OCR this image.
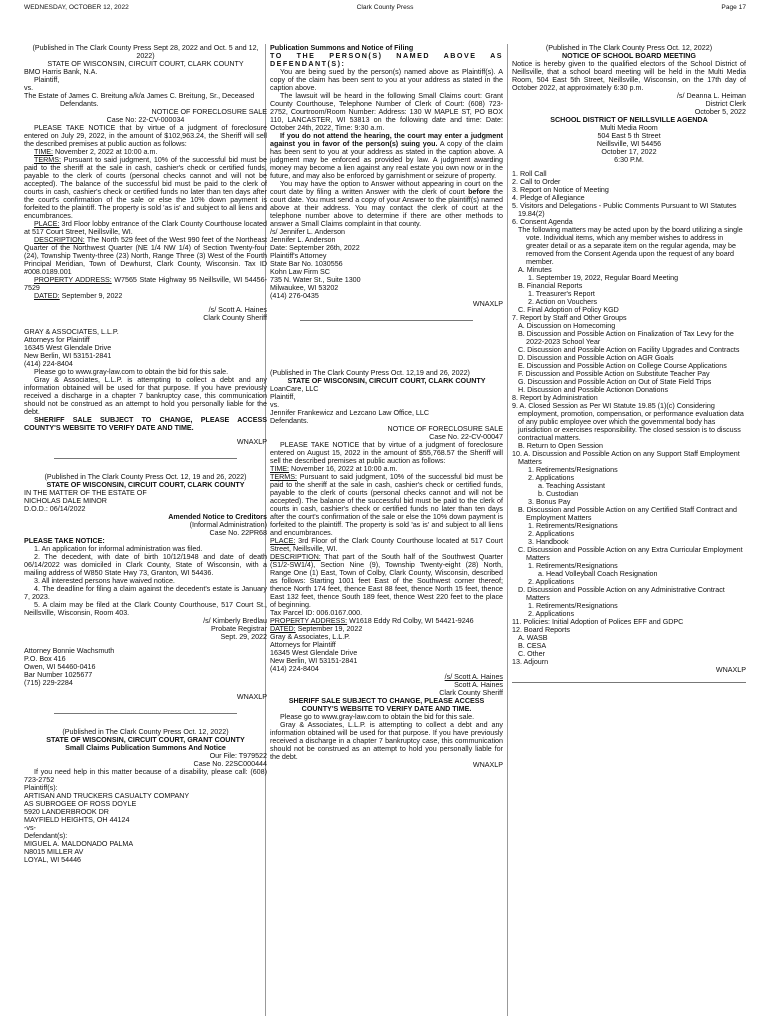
WEDNESDAY, OCTOBER 12, 2022	Clark County Press	Page 17

(Published in The Clark County Press Sept 28, 2022 and Oct. 5 and 12, 2022)

STATE OF WISCONSIN, CIRCUIT COURT, CLARK COUNTY

BMO Harris Bank, N.A.

Plaintiff,

vs.

The Estate of James C. Breitung a/k/a James C. Breitung, Sr., Deceased

Defendants.

NOTICE OF FORECLOSURE SALE

Case No: 22-CV-000034

PLEASE TAKE NOTICE that by virtue of a judgment of foreclosure entered on July 29, 2022, in the amount of $102,963.24, the Sheriff will sell the described premises at public auction as follows:

TIME: November 2, 2022 at 10:00 a.m.

TERMS: Pursuant to said judgment, 10% of the successful bid must be paid to the sheriff at the sale in cash, cashier's check or certified funds, payable to the clerk of courts (personal checks cannot and will not be accepted). The balance of the successful bid must be paid to the clerk of courts in cash, cashier's check or certified funds no later than ten days after the court's confirmation of the sale or else the 10% down payment is forfeited to the plaintiff. The property is sold 'as is' and subject to all liens and encumbrances.

PLACE: 3rd Floor lobby entrance of the Clark County Courthouse located at 517 Court Street, Neillsville, WI.

DESCRIPTION: The North 529 feet of the West 990 feet of the Northeast Quarter of the Northwest Quarter (NE 1/4 NW 1/4) of Section Twenty-four (24), Township Twenty-three (23) North, Range Three (3) West of the Fourth Principal Meridian, Town of Dewhurst, Clark County, Wisconsin. Tax ID #008.0189.001

PROPERTY ADDRESS: W7565 State Highway 95 Neillsville, WI 54456-7529

DATED: September 9, 2022

/s/ Scott A. Haines

Clark County Sheriff

GRAY & ASSOCIATES, L.L.P.

Attorneys for Plaintiff

16345 West Glendale Drive

New Berlin, WI 53151-2841

(414) 224-8404

Please go to www.gray-law.com to obtain the bid for this sale.

Gray & Associates, L.L.P. is attempting to collect a debt and any information obtained will be used for that purpose. If you have previously received a discharge in a chapter 7 bankruptcy case, this communication should not be construed as an attempt to hold you personally liable for the debt.

SHERIFF SALE SUBJECT TO CHANGE, PLEASE ACCESS COUNTY'S WEBSITE TO VERIFY DATE AND TIME.

WNAXLP

(Published in The Clark County Press Oct. 12, 19 and 26, 2022)

STATE OF WISCONSIN, CIRCUIT COURT, CLARK COUNTY

IN THE MATTER OF THE ESTATE OF

NICHOLAS DALE MINOR

D.O.D.: 06/14/2022

Amended Notice to Creditors

(Informal Administration)

Case No. 22PR68

PLEASE TAKE NOTICE:

1. An application for informal administration was filed.

2. The decedent, with date of birth 10/12/1948 and date of death 06/14/2022 was domiciled in Clark County, State of Wisconsin, with a mailing address of W850 State Hwy 73, Granton, WI 54436.

3. All interested persons have waived notice.

4. The deadline for filing a claim against the decedent's estate is January 7, 2023.

5. A claim may be filed at the Clark County Courthouse, 517 Court St., Neillsville, Wisconsin, Room 403.

/s/ Kimberly Bredlau

Probate Registrar

Sept. 29, 2022

Attorney Bonnie Wachsmuth

P.O. Box 416

Owen, WI 54460-0416

Bar Number 1025677

(715) 229-2284

WNAXLP

(Published in The Clark County Press Oct. 12, 2022)

STATE OF WISCONSIN, CIRCUIT COURT, GRANT COUNTY

Small Claims Publication Summons And Notice

Our File: T979522

Case No. 22SC000444

If you need help in this matter because of a disability, please call: (608) 723-2752

Plaintiff(s):

ARTISAN AND TRUCKERS CASUALTY COMPANY

AS SUBROGEE OF ROSS DOYLE

5920 LANDERBROOK DR

MAYFIELD HEIGHTS, OH 44124

-vs-

Defendant(s):

MIGUEL A. MALDONADO PALMA

N8015 MILLER AV

LOYAL, WI 54446

Publication Summons and Notice of Filing

TO THE PERSON(S) NAMED ABOVE AS DEFENDANT(S):

You are being sued by the person(s) named above as Plaintiff(s). A copy of the claim has been sent to you at your address as stated in the caption above.

The lawsuit will be heard in the following Small Claims court: Grant County Courthouse, Telephone Number of Clerk of Court: (608) 723-2752, Courtroom/Room Number: Address: 130 W MAPLE ST, PO BOX 110, LANCASTER, WI 53813 on the following date and time: Date: October 24th, 2022, Time: 9:30 a.m.

If you do not attend the hearing, the court may enter a judgment against you in favor of the person(s) suing you. A copy of the claim has been sent to you at your address as stated in the caption above. A judgment may be enforced as provided by law. A judgment awarding money may become a lien against any real estate you own now or in the future, and may also be enforced by garnishment or seizure of property.

You may have the option to Answer without appearing in court on the court date by filing a written Answer with the clerk of court before the court date. You must send a copy of your Answer to the plaintiff(s) named above at their address. You may contact the clerk of court at the telephone number above to determine if there are other methods to answer a Small Claims complaint in that county.

/s/ Jennifer L. Anderson

Jennifer L. Anderson

Date: September 26th, 2022

Plaintiff's Attorney

State Bar No. 1030556

Kohn Law Firm SC

735 N. Water St., Suite 1300

Milwaukee, WI 53202

(414) 276-0435

WNAXLP

(Published in The Clark County Press Oct. 12,19 and 26, 2022)

STATE OF WISCONSIN, CIRCUIT COURT, CLARK COUNTY

LoanCare, LLC

Plaintiff,

vs.

Jennifer Frankewicz and Lezcano Law Office, LLC

Defendants.

NOTICE OF FORECLOSURE SALE

Case No. 22-CV-00047

PLEASE TAKE NOTICE that by virtue of a judgment of foreclosure entered on August 15, 2022 in the amount of $55,768.57 the Sheriff will sell the described premises at public auction as follows:

TIME: November 16, 2022 at 10:00 a.m.

TERMS: Pursuant to said judgment, 10% of the successful bid must be paid to the sheriff at the sale in cash, cashier's check or certified funds, payable to the clerk of courts (personal checks cannot and will not be accepted). The balance of the successful bid must be paid to the clerk of courts in cash, cashier's check or certified funds no later than ten days after the court's confirmation of the sale or else the 10% down payment is forfeited to the plaintiff. The property is sold 'as is' and subject to all liens and encumbrances.

PLACE: 3rd Floor of the Clark County Courthouse located at 517 Court Street, Neillsville, WI.

DESCRIPTION: That part of the South half of the Southwest Quarter (S1/2-SW1/4), Section Nine (9), Township Twenty-eight (28) North, Range One (1) East, Town of Colby, Clark County, Wisconsin, described as follows: Starting 1001 feet East of the Southwest corner thereof; thence North 174 feet, thence East 88 feet, thence North 15 feet, thence East 132 feet, thence South 189 feet, thence West 220 feet to the place of beginning.

Tax Parcel ID: 006.0167.000.

PROPERTY ADDRESS: W1618 Eddy Rd Colby, WI 54421-9246

DATED: September 19, 2022

Gray & Associates, L.L.P.

Attorneys for Plaintiff

16345 West Glendale Drive

New Berlin, WI 53151-2841

(414) 224-8404

/s/ Scott A. Haines

Scott A. Haines

Clark County Sheriff

SHERIFF SALE SUBJECT TO CHANGE, PLEASE ACCESS COUNTY'S WEBSITE TO VERIFY DATE AND TIME.

Please go to www.gray-law.com to obtain the bid for this sale.

Gray & Associates, L.L.P. is attempting to collect a debt and any information obtained will be used for that purpose. If you have previously received a discharge in a chapter 7 bankruptcy case, this communication should not be construed as an attempt to hold you personally liable for the debt.

WNAXLP

(Published in The Clark County Press Oct. 12, 2022)

NOTICE OF SCHOOL BOARD MEETING

Notice is hereby given to the qualified electors of the School District of Neillsville, that a school board meeting will be held in the Multi Media Room, 504 East 5th Street, Neillsville, Wisconsin, on the 17th day of October 2022, at approximately 6:30 p.m.

/s/ Deanna L. Heiman

District Clerk

October 5, 2022

SCHOOL DISTRICT OF NEILLSVILLE AGENDA

Multi Media Room

504 East 5 th Street

Neillsville, WI 54456

October 17, 2022

6:30 P.M.

1. Roll Call

2. Call to Order

3. Report on Notice of Meeting

4. Pledge of Allegiance

5. Visitors and Delegations - Public Comments Pursuant to WI Statutes 19.84(2)

6. Consent Agenda

The following matters may be acted upon by the board utilizing a single vote. Individual items, which any member wishes to address in greater detail or as a separate item on the regular agenda, may be removed from the Consent Agenda upon the request of any board member.

A. Minutes

1. September 19, 2022, Regular Board Meeting

B. Financial Reports

1. Treasurer's Report

2. Action on Vouchers

C. Final Adoption of Policy KGD

7. Report by Staff and Other Groups

A. Discussion on Homecoming

B. Discussion and Possible Action on Finalization of Tax Levy for the 2022-2023 School Year

C. Discussion and Possible Action on Facility Upgrades and Contracts

D. Discussion and Possible Action on AGR Goals

E. Discussion and Possible Action on College Course Applications

F. Discussion and Possible Action on Substitute Teacher Pay

G. Discussion and Possible Action on Out of State Field Trips

H. Discussion and Possible Actionon Donations

8. Report by Administration

9. A. Closed Session as Per WI Statute 19.85 (1)(c) Considering employment, promotion, compensation, or performance evaluation data of any public employee over which the governmental body has jurisdiction or exercises responsibility. The closed session is to discuss contractual matters.

B. Return to Open Session

10. A. Discussion and Possible Action on any Support Staff Employment Matters

1. Retirements/Resignations

2. Applications

a. Teaching Assistant

b. Custodian

3. Bonus Pay

B. Discussion and Possible Action on any Certified Staff Contract and Employment Matters

1. Retirements/Resignations

2. Applications

3. Handbook

C. Discussion and Possible Action on any Extra Curricular Employment Matters

1. Retirements/Resignations

a. Head Volleyball Coach Resignation

2. Applications

D. Discussion and Possible Action on any Administrative Contract Matters

1. Retirements/Resignations

2. Applications

11. Policies: Initial Adoption of Polices EFF and GDPC

12. Board Reports

A. WASB

B. CESA

C. Other

13. Adjourn

WNAXLP
